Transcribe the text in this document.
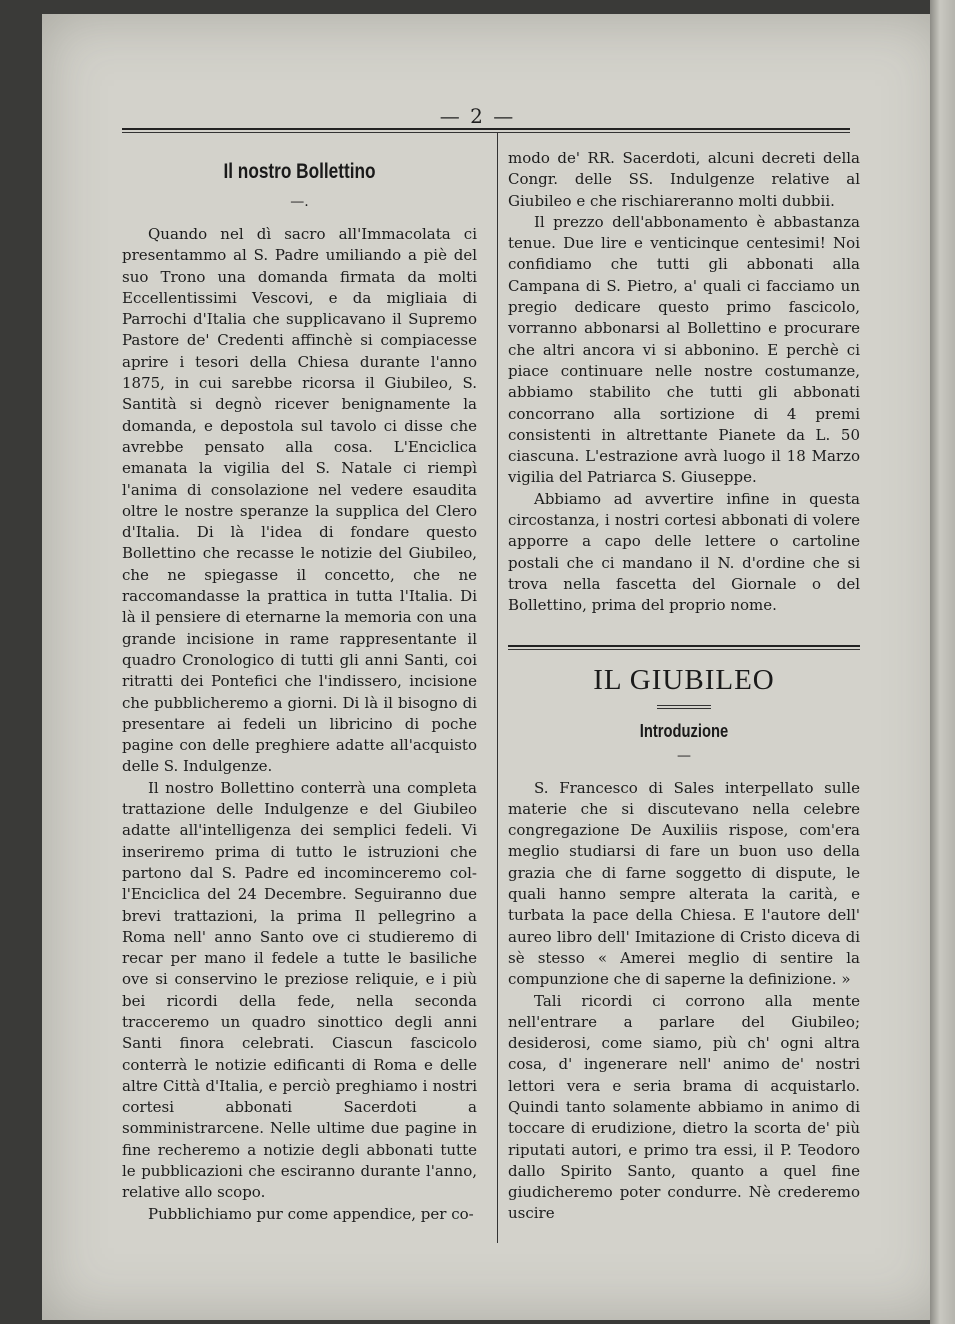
— 2 —
Il nostro Bollettino
—.

Quando nel dì sacro all'Immacolata ci presentammo al S. Padre umiliando a piè del suo Trono una domanda firmata da molti Eccellentissimi Vescovi, e da migliaia di Parrochi d'Italia che supplicavano il Supremo Pastore de' Credenti affinchè si compiacesse aprire i tesori della Chiesa durante l'anno 1875, in cui sarebbe ricorsa il Giubileo, S. Santità si degnò ricever benignamente la domanda, e depostola sul tavolo ci disse che avrebbe pensato alla cosa. L'Enciclica emanata la vigilia del S. Natale ci riempì l'anima di consolazione nel vedere esaudita oltre le nostre speranze la supplica del Clero d'Italia. Di là l'idea di fondare questo Bollettino che recasse le notizie del Giubileo, che ne spiegasse il concetto, che ne raccomandasse la prattica in tutta l'Italia. Di là il pensiere di eternarne la memoria con una grande incisione in rame rappresentante il quadro Cronologico di tutti gli anni Santi, coi ritratti dei Pontefici che l'indissero, incisione che pubblicheremo a giorni. Di là il bisogno di presentare ai fedeli un libricino di poche pagine con delle preghiere adatte all'acquisto delle S. Indulgenze.

Il nostro Bollettino conterrà una completa trattazione delle Indulgenze e del Giubileo adatte all'intelligenza dei semplici fedeli. Vi inseriremo prima di tutto le istruzioni che partono dal S. Padre ed incominceremo col-l'Enciclica del 24 Decembre. Seguiranno due brevi trattazioni, la prima Il pellegrino a Roma nell' anno Santo ove ci studieremo di recar per mano il fedele a tutte le basiliche ove si conservino le preziose reliquie, e i più bei ricordi della fede, nella seconda tracceremo un quadro sinottico degli anni Santi finora celebrati. Ciascun fascicolo conterrà le notizie edificanti di Roma e delle altre Città d'Italia, e perciò preghiamo i nostri cortesi abbonati Sacerdoti a somministrarcene. Nelle ultime due pagine in fine recheremo a notizie degli abbonati tutte le pubblicazioni che esciranno durante l'anno, relative allo scopo.

Pubblichiamo pur come appendice, per co-

modo de' RR. Sacerdoti, alcuni decreti della Congr. delle SS. Indulgenze relative al Giubileo e che rischiareranno molti dubbii.

Il prezzo dell'abbonamento è abbastanza tenue. Due lire e venticinque centesimi! Noi confidiamo che tutti gli abbonati alla Campana di S. Pietro, a' quali ci facciamo un pregio dedicare questo primo fascicolo, vorranno abbonarsi al Bollettino e procurare che altri ancora vi si abbonino. E perchè ci piace continuare nelle nostre costumanze, abbiamo stabilito che tutti gli abbonati concorrano alla sortizione di 4 premi consistenti in altrettante Pianete da L. 50 ciascuna. L'estrazione avrà luogo il 18 Marzo vigilia del Patriarca S. Giuseppe.

Abbiamo ad avvertire infine in questa circostanza, i nostri cortesi abbonati di volere apporre a capo delle lettere o cartoline postali che ci mandano il N. d'ordine che si trova nella fascetta del Giornale o del Bollettino, prima del proprio nome.

IL GIUBILEO
Introduzione
—

S. Francesco di Sales interpellato sulle materie che si discutevano nella celebre congregazione De Auxiliis rispose, com'era meglio studiarsi di fare un buon uso della grazia che di farne soggetto di dispute, le quali hanno sempre alterata la carità, e turbata la pace della Chiesa. E l'autore dell' aureo libro dell' Imitazione di Cristo diceva di sè stesso « Amerei meglio di sentire la compunzione che di saperne la definizione. »

Tali ricordi ci corrono alla mente nell'entrare a parlare del Giubileo; desiderosi, come siamo, più ch' ogni altra cosa, d' ingenerare nell' animo de' nostri lettori vera e seria brama di acquistarlo. Quindi tanto solamente abbiamo in animo di toccare di erudizione, dietro la scorta de' più riputati autori, e primo tra essi, il P. Teodoro dallo Spirito Santo, quanto a quel fine giudicheremo poter condurre. Nè crederemo uscire
